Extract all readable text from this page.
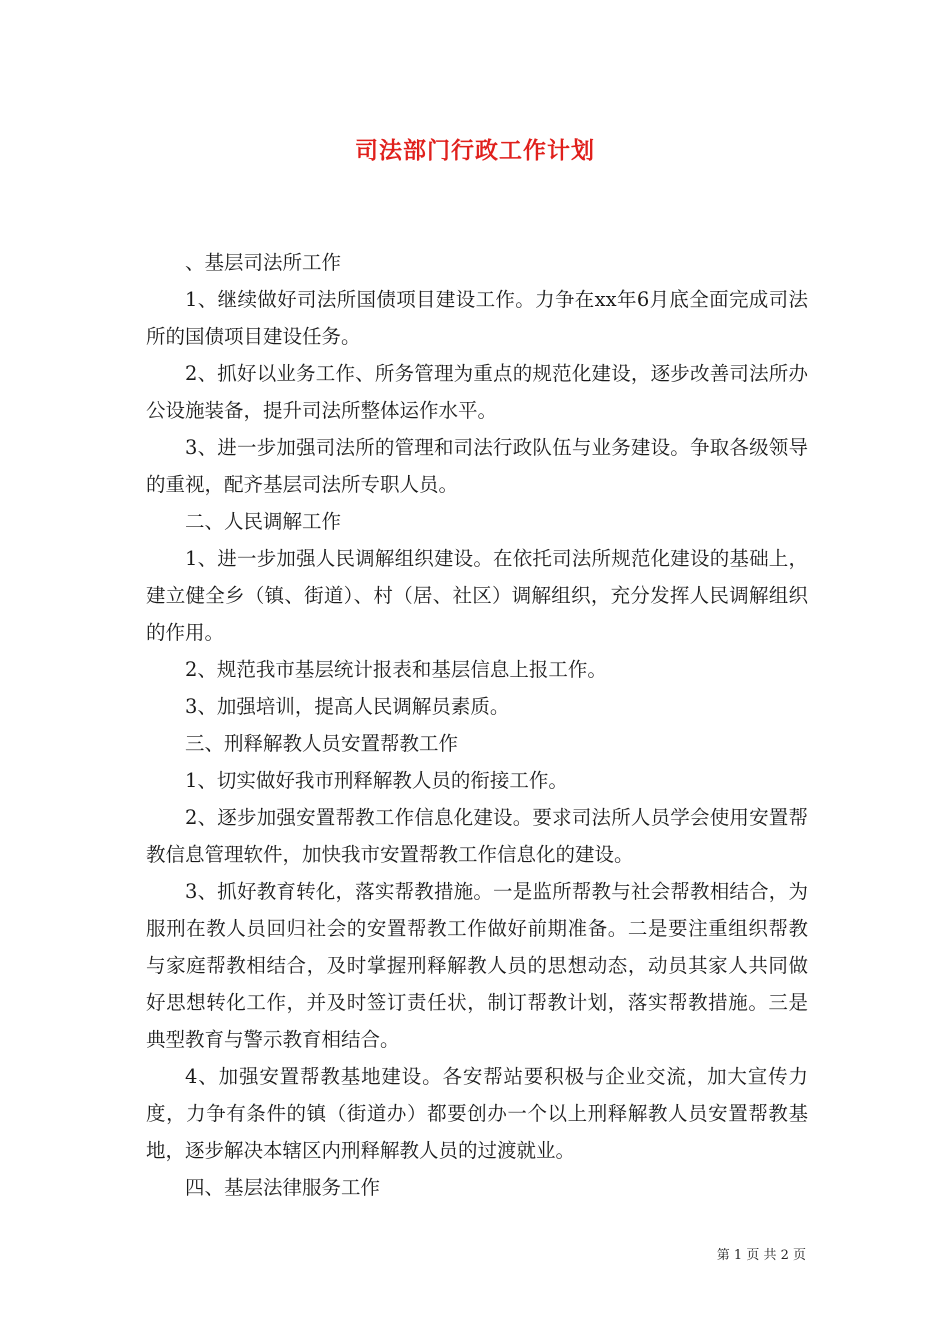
司法部门行政工作计划

、基层司法所工作

1、继续做好司法所国债项目建设工作。力争在xx年6月底全面完成司法所的国债项目建设任务。

2、抓好以业务工作、所务管理为重点的规范化建设，逐步改善司法所办公设施装备，提升司法所整体运作水平。

3、进一步加强司法所的管理和司法行政队伍与业务建设。争取各级领导的重视，配齐基层司法所专职人员。

二、人民调解工作

1、进一步加强人民调解组织建设。在依托司法所规范化建设的基础上，建立健全乡（镇、街道）、村（居、社区）调解组织，充分发挥人民调解组织的作用。

2、规范我市基层统计报表和基层信息上报工作。

3、加强培训，提高人民调解员素质。

三、刑释解教人员安置帮教工作

1、切实做好我市刑释解教人员的衔接工作。

2、逐步加强安置帮教工作信息化建设。要求司法所人员学会使用安置帮教信息管理软件，加快我市安置帮教工作信息化的建设。

3、抓好教育转化，落实帮教措施。一是监所帮教与社会帮教相结合，为服刑在教人员回归社会的安置帮教工作做好前期准备。二是要注重组织帮教与家庭帮教相结合，及时掌握刑释解教人员的思想动态，动员其家人共同做好思想转化工作，并及时签订责任状，制订帮教计划，落实帮教措施。三是典型教育与警示教育相结合。

4、加强安置帮教基地建设。各安帮站要积极与企业交流，加大宣传力度，力争有条件的镇（街道办）都要创办一个以上刑释解教人员安置帮教基地，逐步解决本辖区内刑释解教人员的过渡就业。

四、基层法律服务工作

第 1 页 共 2 页
